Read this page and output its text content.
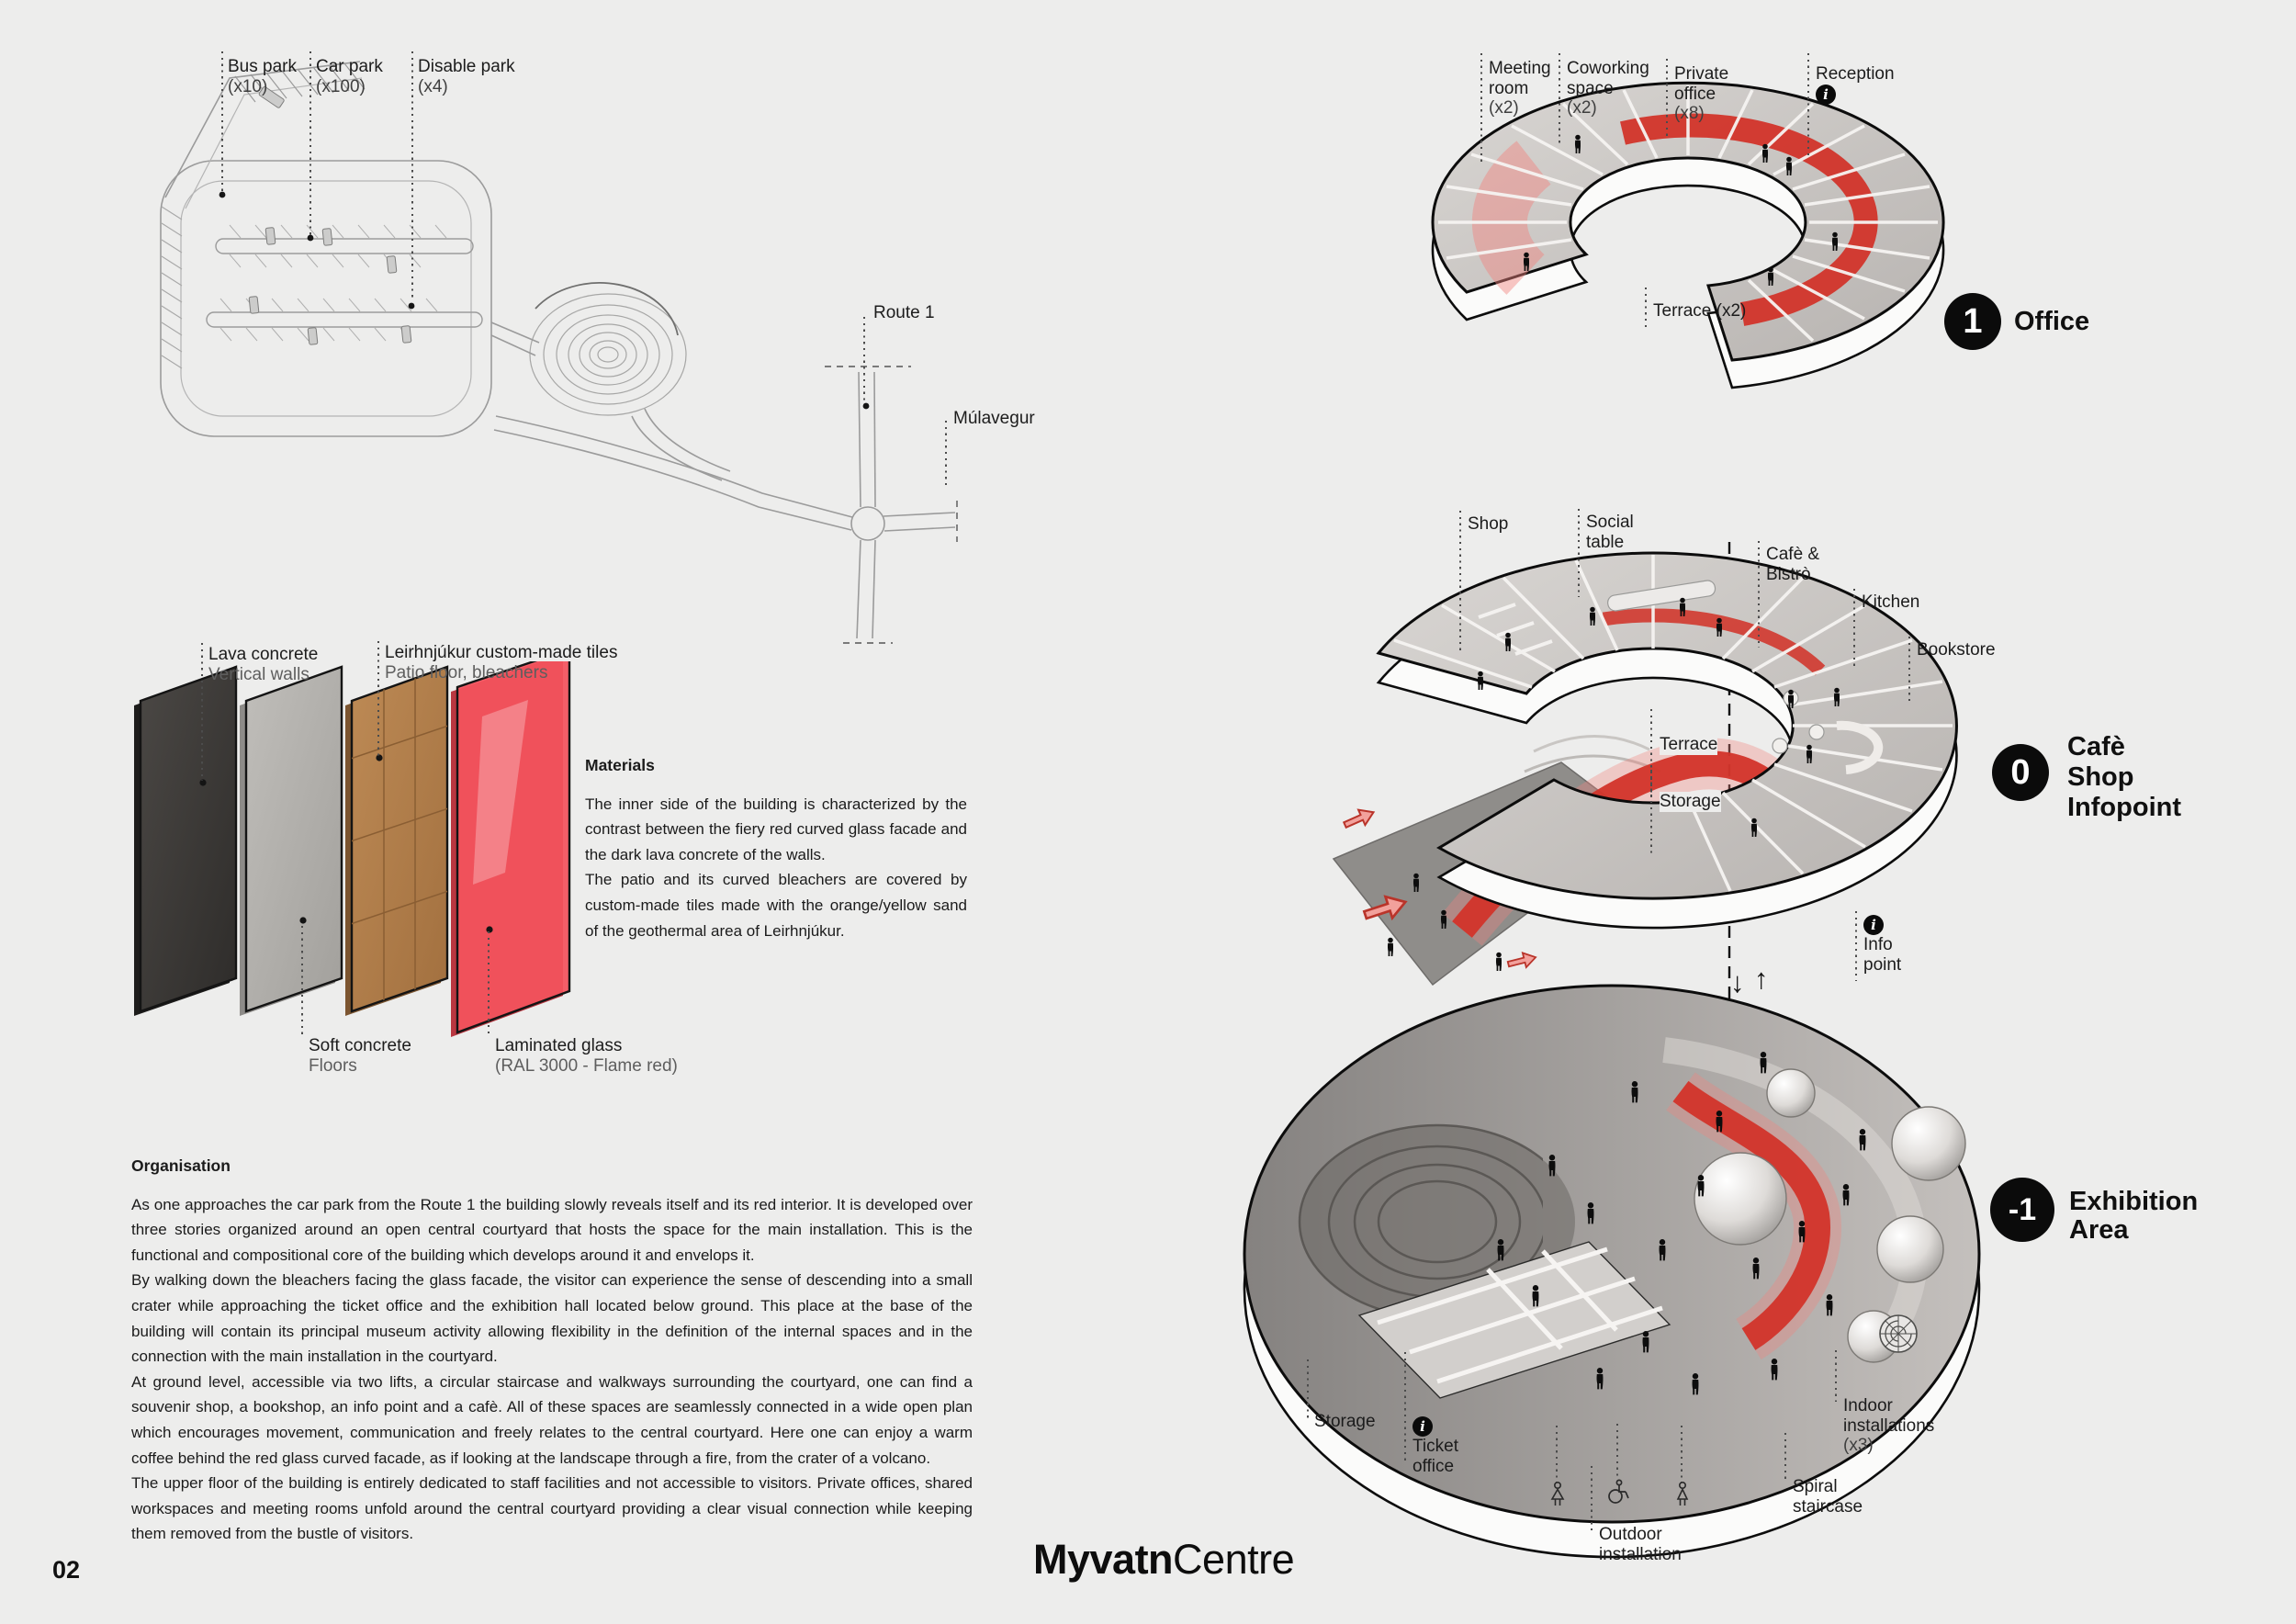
Bus park
(x10)
Car park
(x100)
Disable park
(x4)
Route 1
Múlavegur
Lava concrete
Vertical walls
Leirhnjúkur custom-made tiles
Patio floor, bleachers
Soft concrete
Floors
Laminated glass
(RAL 3000 - Flame red)
Materials

The inner side of the building is characterized by the contrast between the fiery red curved glass facade and the dark lava concrete of the walls.

The patio and its curved bleachers are covered by custom-made tiles made with the orange/yellow sand of the geothermal area of Leirhnjúkur.

Organisation

As one approaches the car park from the Route 1 the building slowly reveals itself and its red interior. It is developed over three stories organized around an open central courtyard that hosts the space for the main installation. This is the functional and compositional core of the building which develops around it and envelops it.

By walking down the bleachers facing the glass facade, the visitor can experience the sense of descending into a small crater while approaching the ticket office and the exhibition hall located below ground. This place at the base of the building will contain its principal museum activity allowing flexibility in the definition of the internal spaces and in the connection with the main installation in the courtyard.

At ground level, accessible via two lifts, a circular staircase and walkways surrounding the courtyard, one can find a souvenir shop, a bookshop, an info point and a cafè. All of these spaces are seamlessly connected in a wide open plan which encourages movement, communication and freely relates to the central courtyard. Here one can enjoy a warm coffee behind the red glass curved facade, as if looking at the landscape through a fire, from the crater of a volcano.

The upper floor of the building is entirely dedicated to staff facilities and not accessible to visitors. Private offices, shared workspaces and meeting rooms unfold around the central courtyard providing a clear visual connection while keeping them removed from the bustle of visitors.

↓ ↑
Meeting
room
(x2)
Coworking
space
(x2)
Private
office
(x8)
Reception
i
Terrace (x2)	1	Office
Shop	Social
table
Cafè &
Bistrò
Kitchen
Bookstore
Terrace
Storage
i
Info
point
0
Cafè
Shop
Infopoint
Storage	i
Ticket
office
Outdoor
installation
Indoor
installations
(x3)
Spiral
staircase
-1	Exhibition
Area
02	MyvatnCentre
